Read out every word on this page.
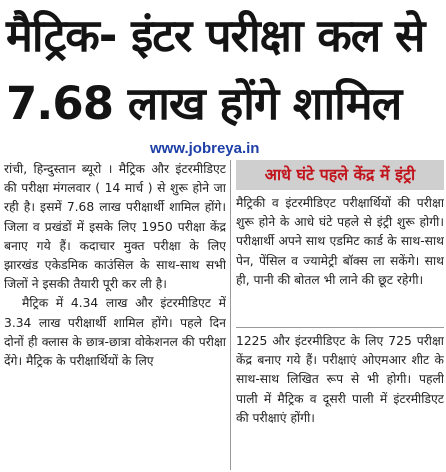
मैट्रिक- इंटर परीक्षा कल से
7.68 लाख होंगे शामिल
www.jobreya.in

रांची, हिन्दुस्तान ब्यूरो । मैट्रिक और इंटरमीडिएट की परीक्षा मंगलवार ( 14 मार्च ) से शुरू होने जा रही है। इसमें 7.68 लाख परीक्षार्थी शामिल होंगे। जिला व प्रखंडों में इसके लिए 1950 परीक्षा केंद्र बनाए गये हैं। कदाचार मुक्त परीक्षा के लिए झारखंड एकेडमिक काउंसिल के साथ-साथ सभी जिलों ने इसकी तैयारी पूरी कर ली है।

मैट्रिक में 4.34 लाख और इंटरमीडिएट में 3.34 लाख परीक्षार्थी शामिल होंगे। पहले दिन दोनों ही क्लास के छात्र-छात्रा वोकेशनल की परीक्षा देंगे। मैट्रिक के परीक्षार्थियों के लिए

आधे घंटे पहले केंद्र में इंट्री

मैट्रिकी व इंटरमीडिएट परीक्षार्थियों की परीक्षा शुरू होने के आधे घंटे पहले से इंट्री शुरू होगी। परीक्षार्थी अपने साथ एडमिट कार्ड के साथ-साथ पेन, पेंसिल व ज्यामेट्री बॉक्स ला सकेंगे। साथ ही, पानी की बोतल भी लाने की छूट रहेगी।

1225 और इंटरमीडिएट के लिए 725 परीक्षा केंद्र बनाए गये हैं। परीक्षाएं ओएमआर शीट के साथ-साथ लिखित रूप से भी होगी। पहली पाली में मैट्रिक व दूसरी पाली में इंटरमीडिएट की परीक्षाएं होंगी।
